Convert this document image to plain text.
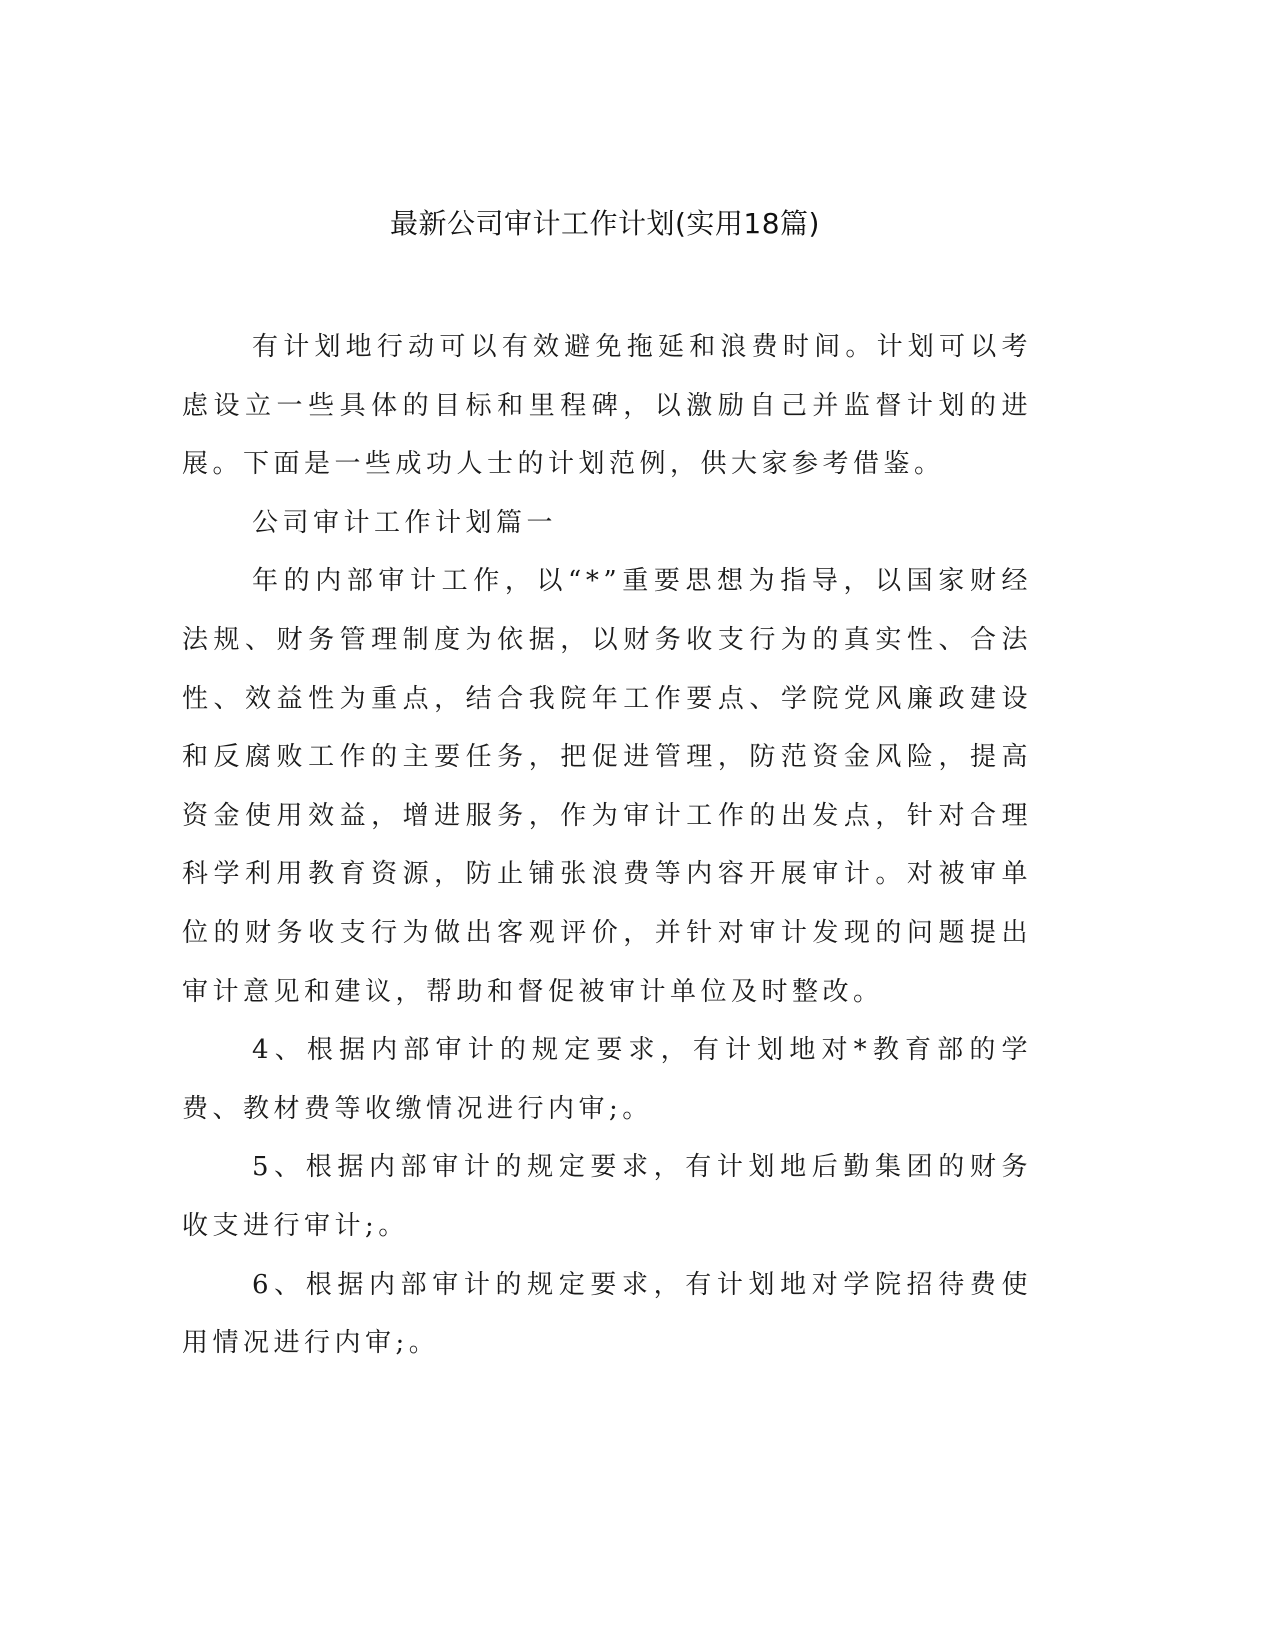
最新公司审计工作计划(实用18篇)

有计划地行动可以有效避免拖延和浪费时间。计划可以考虑设立一些具体的目标和里程碑，以激励自己并监督计划的进展。下面是一些成功人士的计划范例，供大家参考借鉴。

公司审计工作计划篇一

年的内部审计工作，以“*”重要思想为指导，以国家财经法规、财务管理制度为依据，以财务收支行为的真实性、合法性、效益性为重点，结合我院年工作要点、学院党风廉政建设和反腐败工作的主要任务，把促进管理，防范资金风险，提高资金使用效益，增进服务，作为审计工作的出发点，针对合理科学利用教育资源，防止铺张浪费等内容开展审计。对被审单位的财务收支行为做出客观评价，并针对审计发现的问题提出审计意见和建议，帮助和督促被审计单位及时整改。

4、根据内部审计的规定要求，有计划地对*教育部的学费、教材费等收缴情况进行内审;。

5、根据内部审计的规定要求，有计划地后勤集团的财务收支进行审计;。

6、根据内部审计的规定要求，有计划地对学院招待费使用情况进行内审;。
